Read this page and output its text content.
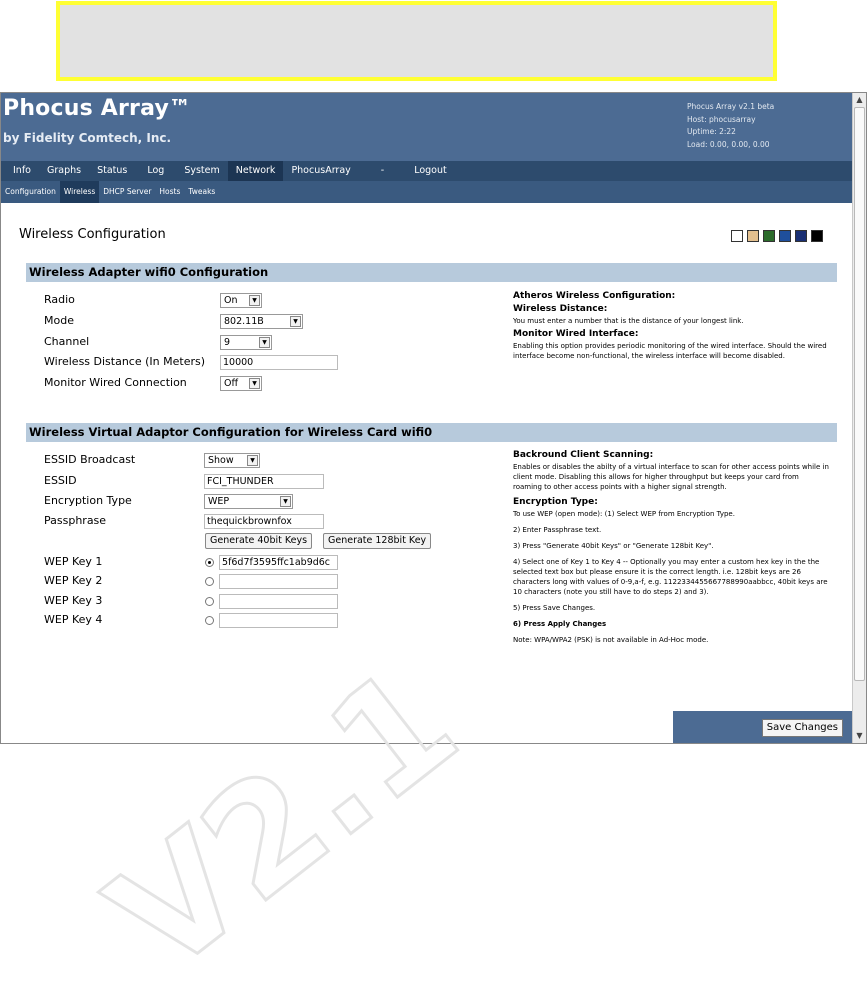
V2.1
Phocus Array™
by Fidelity Comtech, Inc.
Phocus Array v2.1 beta
Host: phocusarray
Uptime: 2:22
Load: 0.00, 0.00, 0.00
Info	Graphs	Status	Log	System	Network	PhocusArray	-	Logout
Configuration	Wireless	DHCP Server	Hosts	Tweaks
Wireless Configuration
Wireless Adapter wifi0 Configuration
Radio	On	▼
Mode	802.11B	▼
Channel	9	▼
Wireless Distance (In Meters)	10000
Monitor Wired Connection	Off	▼
Atheros Wireless Configuration:
Wireless Distance:

You must enter a number that is the distance of your longest link.

Monitor Wired Interface:

Enabling this option provides periodic monitoring of the wired interface. Should the wired interface become non-functional, the wireless interface will become disabled.

Wireless Virtual Adaptor Configuration for Wireless Card wifi0
ESSID Broadcast	Show	▼
ESSID	FCI_THUNDER
Encryption Type	WEP	▼
Passphrase	thequickbrownfox
Generate 40bit Keys	Generate 128bit Key
WEP Key 1	5f6d7f3595ffc1ab9d6c
WEP Key 2
WEP Key 3
WEP Key 4
Backround Client Scanning:

Enables or disables the abilty of a virtual interface to scan for other access points while in client mode. Disabling this allows for higher throughput but keeps your card from roaming to other access points with a higher signal strength.

Encryption Type:

To use WEP (open mode): (1) Select WEP from Encryption Type.

2) Enter Passphrase text.

3) Press "Generate 40bit Keys" or "Generate 128bit Key".

4) Select one of Key 1 to Key 4 -- Optionally you may enter a custom hex key in the the selected text box but please ensure it is the correct length. i.e. 128bit keys are 26 characters long with values of 0-9,a-f, e.g. 1122334455667788990aabbcc, 40bit keys are 10 characters (note you still have to do steps 2) and 3).

5) Press Save Changes.

6) Press Apply Changes

Note: WPA/WPA2 (PSK) is not available in Ad-Hoc mode.

Save Changes
▲
▼
